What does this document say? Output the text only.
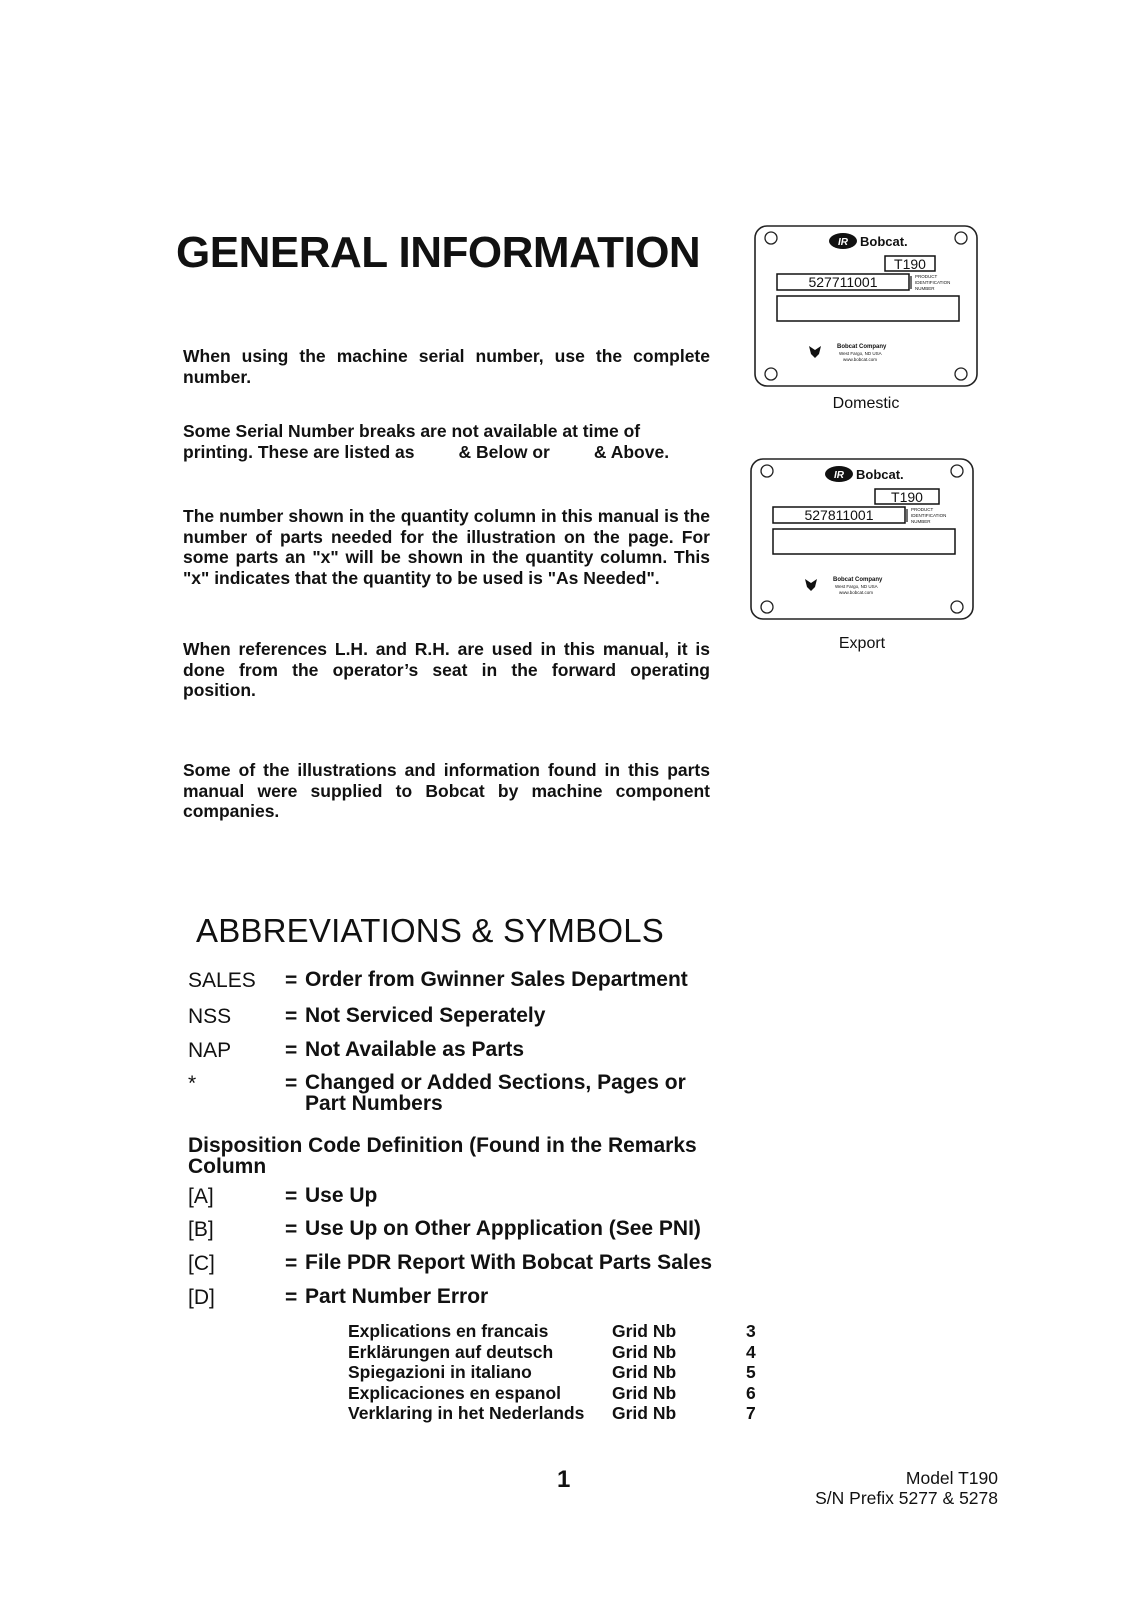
GENERAL INFORMATION

When using the machine serial number, use the complete number.

Some Serial Number breaks are not available at time of
printing. These are listed as	& Below or	& Above.

The number shown in the quantity column in this manual is the number of parts needed for the illustration on the page. For some parts an "x" will be shown in the quantity column. This "x" indicates that the quantity to be used is "As Needed".

When references L.H. and R.H. are used in this manual, it is done from the operator’s seat in the forward operating position.

Some of the illustrations and information found in this parts manual were supplied to Bobcat by machine component companies.

IR Bobcat.
T190
527711001	PRODUCT
IDENTIFICATION
NUMBER
Bobcat Company
West Fargo, ND USA
www.bobcat.com
Domestic
IR Bobcat.
T190
527811001	PRODUCT
IDENTIFICATION
NUMBER
Bobcat Company
West Fargo, ND USA
www.bobcat.com
Export
ABBREVIATIONS & SYMBOLS
SALES	= Order from Gwinner Sales Department
NSS	= Not Serviced Seperately
NAP	= Not Available as Parts
*	= Changed or Added Sections, Pages or
Part Numbers

Disposition Code Definition (Found in the Remarks Column

[A]	= Use Up
[B]	= Use Up on Other Appplication (See PNI)
[C]	= File PDR Report With Bobcat Parts Sales
[D]	= Part Number Error
Explications en francais	Grid Nb	3
Erklärungen auf deutsch	Grid Nb	4
Spiegazioni in italiano	Grid Nb	5
Explicaciones en espanol	Grid Nb	6
Verklaring in het Nederlands	Grid Nb	7
1	Model T190
S/N Prefix 5277 & 5278
